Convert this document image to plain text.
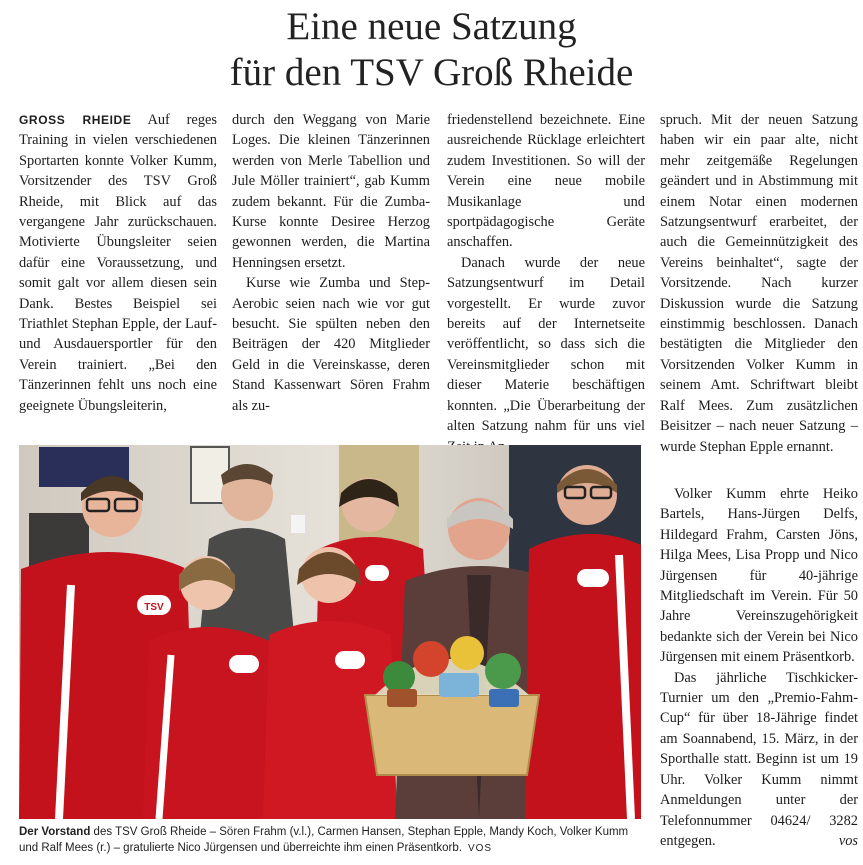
Eine neue Satzung
für den TSV Groß Rheide

GROSS RHEIDE Auf reges Training in vielen verschiedenen Sportarten konnte Volker Kumm, Vorsitzender des TSV Groß Rheide, mit Blick auf das vergangene Jahr zurückschauen. Motivierte Übungsleiter seien dafür eine Voraussetzung, und somit galt vor allem diesen sein Dank. Bestes Beispiel sei Triathlet Stephan Epple, der Lauf- und Ausdauersportler für den Verein trainiert. „Bei den Tänzerinnen fehlt uns noch eine geeignete Übungsleiterin,

durch den Weggang von Marie Loges. Die kleinen Tänzerinnen werden von Merle Tabellion und Jule Möller trainiert“, gab Kumm zudem bekannt. Für die Zumba-Kurse konnte Desiree Herzog gewonnen werden, die Martina Henningsen ersetzt.

Kurse wie Zumba und Step-Aerobic seien nach wie vor gut besucht. Sie spülten neben den Beiträgen der 420 Mitglieder Geld in die Vereinskasse, deren Stand Kassenwart Sören Frahm als zu-

friedenstellend bezeichnete. Eine ausreichende Rücklage erleichtert zudem Investitionen. So will der Verein eine neue mobile Musikanlage und sportpädagogische Geräte anschaffen.

Danach wurde der neue Satzungsentwurf im Detail vorgestellt. Er wurde zuvor bereits auf der Internetseite veröffentlicht, so dass sich die Vereinsmitglieder schon mit dieser Materie beschäftigen konnten. „Die Überarbeitung der alten Satzung nahm für uns viel

spruch. Mit der neuen Satzung haben wir ein paar alte, nicht mehr zeitgemäße Regelungen geändert und in Abstimmung mit einem Notar einen modernen Satzungsentwurf erarbeitet, der auch die Gemeinnützigkeit des Vereins beinhaltet“, sagte der Vorsitzende. Nach kurzer Diskussion wurde die Satzung einstimmig beschlossen. Danach bestätigten die Mitglieder den Vorsitzenden Volker Kumm in seinem Amt. Schriftwart bleibt Ralf Mees. Zum zusätzlichen Beisitzer – nach neuer Satzung – wurde Stephan Epple ernannt.

Volker Kumm ehrte Heiko Bartels, Hans-Jürgen Delfs, Hildegard Frahm, Carsten Jöns, Hilga Mees, Lisa Propp und Nico Jürgensen für 40-jährige Mitgliedschaft im Verein. Für 50 Jahre Vereinszugehörigkeit bedankte sich der Verein bei Nico Jürgensen mit einem Präsentkorb.

Das jährliche Tischkicker-Turnier um den „Premio-Fahm-Cup“ für über 18-Jährige findet am Soannabend, 15. März, in der Sporthalle statt. Beginn ist um 19 Uhr. Volker Kumm nimmt Anmeldungen unter der Telefonnummer 04624/ 3282 entgegen.	vos

TSV
Der Vorstand des TSV Groß Rheide – Sören Frahm (v.l.), Carmen Hansen, Stephan Epple, Mandy Koch, Volker Kumm und Ralf Mees (r.) – gratulierte Nico Jürgensen und überreichte ihm einen Präsentkorb. VOS
